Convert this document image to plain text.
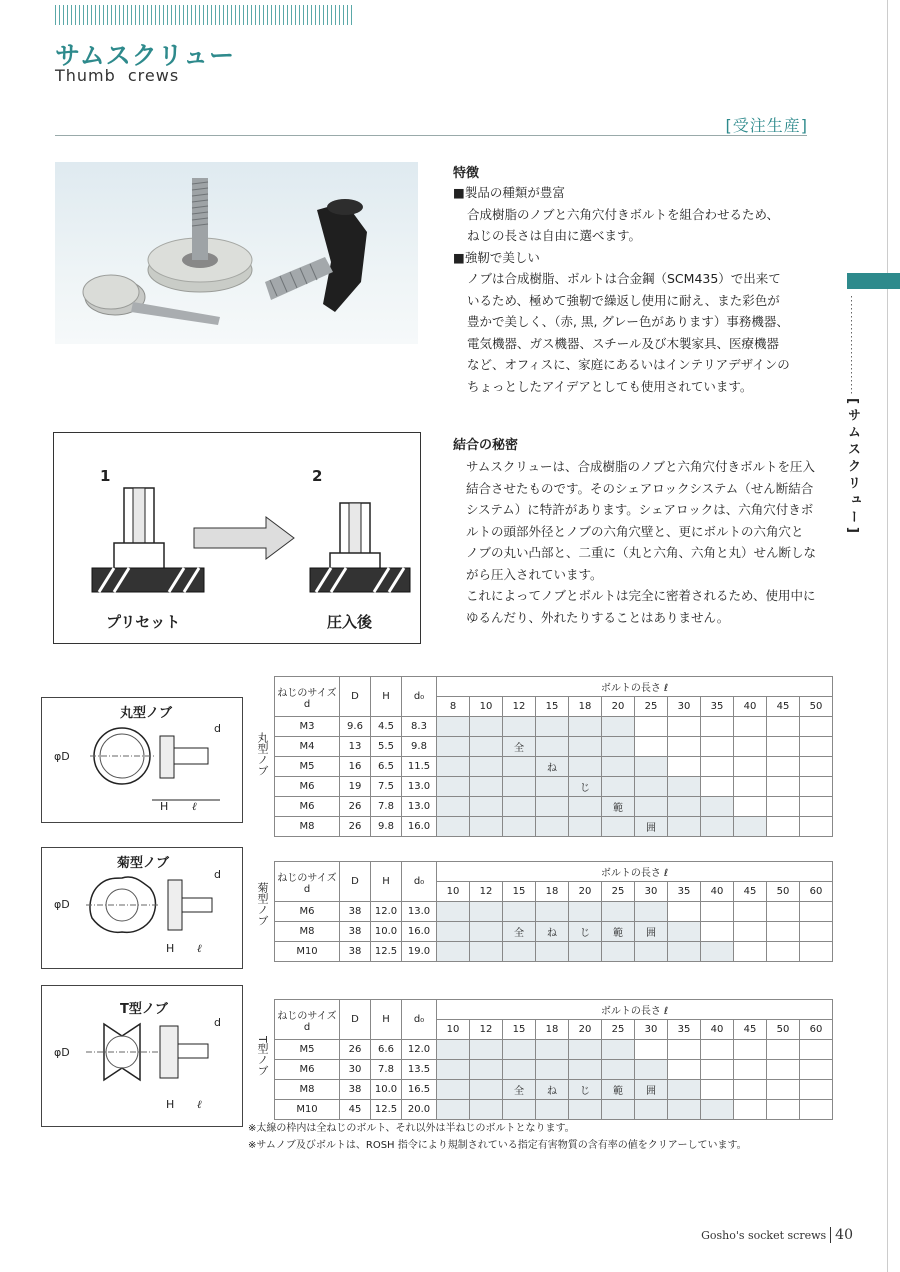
サムスクリュー
Thumb crews
[受注生産]
特徴
■ 製品の種類が豊富
合成樹脂のノブと六角穴付きボルトを組合わせるため、
ねじの長さは自由に選べます。
■ 強靭で美しい
ノブは合成樹脂、ボルトは合金鋼（SCM435）で出来て
いるため、極めて強靭で繰返し使用に耐え、また彩色が
豊かで美しく、（赤, 黒, グレー色があります）事務機器、
電気機器、ガス機器、スチール及び木製家具、医療機器
など、オフィスに、家庭にあるいはインテリアデザインの
ちょっとしたアイデアとしても使用されています。
[サムスクリュー]
1	2
プリセット	圧入後
結合の秘密
サムスクリューは、合成樹脂のノブと六角穴付きボルトを圧入
結合させたものです。そのシェアロックシステム（せん断結合
システム）に特許があります。シェアロックは、六角穴付きボ
ルトの頭部外径とノブの六角穴壁と、更にボルトの六角穴と
ノブの丸い凸部と、二重に（丸と六角、六角と丸）せん断しな
がら圧入されています。
これによってノブとボルトは完全に密着されるため、使用中に
ゆるんだり、外れたりすることはありません。
丸型ノブ
φD
H ℓ
d
菊型ノブ
φD
H ℓ
d
T型ノブ
φD
H ℓ
d
丸型ノブ
菊型ノブ
T型ノブ
ねじのサイズ d	D	H	d₀	ボルトの長さ ℓ											
				8	10	12	15	18	20	25	30	35	40	45	50
M3	9.6	4.5	8.3												
M4	13	5.5	9.8			全									
M5	16	6.5	11.5				ね								
M6	19	7.5	13.0					じ							
M6	26	7.8	13.0						範						
M8	26	9.8	16.0							囲					
ねじのサイズ d	D	H	d₀	ボルトの長さ ℓ											
				10	12	15	18	20	25	30	35	40	45	50	60
M6	38	12.0	13.0												
M8	38	10.0	16.0			全	ね	じ	範	囲					
M10	38	12.5	19.0												
ねじのサイズ d	D	H	d₀	ボルトの長さ ℓ											
				10	12	15	18	20	25	30	35	40	45	50	60
M5	26	6.6	12.0												
M6	30	7.8	13.5												
M8	38	10.0	16.5			全	ね	じ	範	囲					
M10	45	12.5	20.0												
※太線の枠内は全ねじのボルト、それ以外は半ねじのボルトとなります。
※サムノブ及びボルトは、ROSH 指令により規制されている指定有害物質の含有率の値をクリアーしています。
Gosho's socket screws 40
